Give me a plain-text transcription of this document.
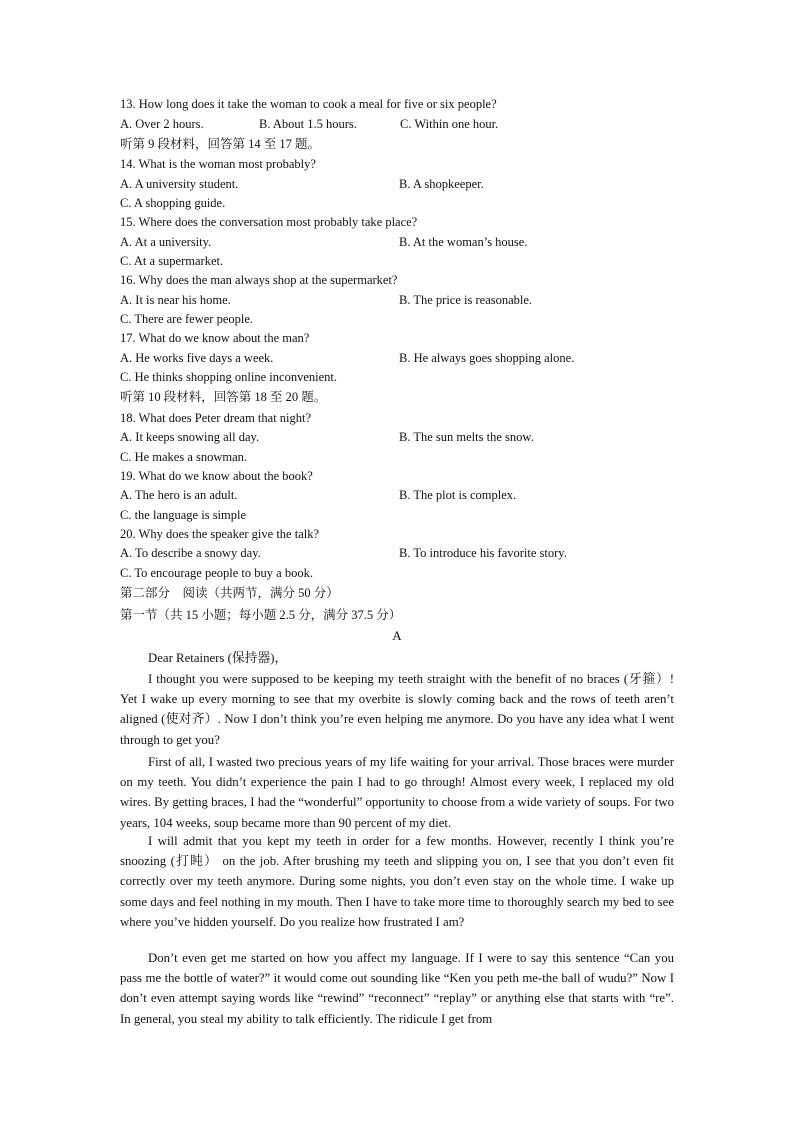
13. How long does it take the woman to cook a meal for five or six people?
A. Over 2 hours.	B. About 1.5 hours.	C. Within one hour.
听第 9 段材料，回答第 14 至 17 题。
14. What is the woman most probably?
A. A university student.	B. A shopkeeper.
C. A shopping guide.
15. Where does the conversation most probably take place?
A. At a university.	B. At the woman’s house.
C. At a supermarket.
16. Why does the man always shop at the supermarket?
A. It is near his home.	B. The price is reasonable.
C. There are fewer people.
17. What do we know about the man?
A. He works five days a week.	B. He always goes shopping alone.
C. He thinks shopping online inconvenient.
听第 10 段材料，回答第 18 至 20 题。
18. What does Peter dream that night?
A. It keeps snowing all day.	B. The sun melts the snow.
C. He makes a snowman.
19. What do we know about the book?
A. The hero is an adult.	B. The plot is complex.
C. the language is simple
20. Why does the speaker give the talk?
A. To describe a snowy day.	B. To introduce his favorite story.
C. To encourage people to buy a book.
第二部分　阅读（共两节，满分 50 分）
第一节（共 15 小题；每小题 2.5 分，满分 37.5 分）
A
Dear Retainers (保持器)，
I thought you were supposed to be keeping my teeth straight with the benefit of no braces (牙箍）! Yet I wake up every morning to see that my overbite is slowly coming back and the rows of teeth aren’t aligned (使对齐）. Now I don’t think you’re even helping me anymore. Do you have any idea what I went through to get you?
First of all, I wasted two precious years of my life waiting for your arrival. Those braces were murder on my teeth. You didn’t experience the pain I had to go through! Almost every week, I replaced my old wires. By getting braces, I had the “wonderful” opportunity to choose from a wide variety of soups. For two years, 104 weeks, soup became more than 90 percent of my diet.
I will admit that you kept my teeth in order for a few months. However, recently I think you’re snoozing (打盹） on the job. After brushing my teeth and slipping you on, I see that you don’t even fit correctly over my teeth anymore. During some nights, you don’t even stay on the whole time. I wake up some days and feel nothing in my mouth. Then I have to take more time to thoroughly search my bed to see where you’ve hidden yourself. Do you realize how frustrated I am?
Don’t even get me started on how you affect my language. If I were to say this sentence “Can you pass me the bottle of water?” it would come out sounding like “Ken you peth me-the ball of wudu?” Now I don’t even attempt saying words like “rewind” “reconnect” “replay” or anything else that starts with “re”. In general, you steal my ability to talk efficiently. The ridicule I get from
